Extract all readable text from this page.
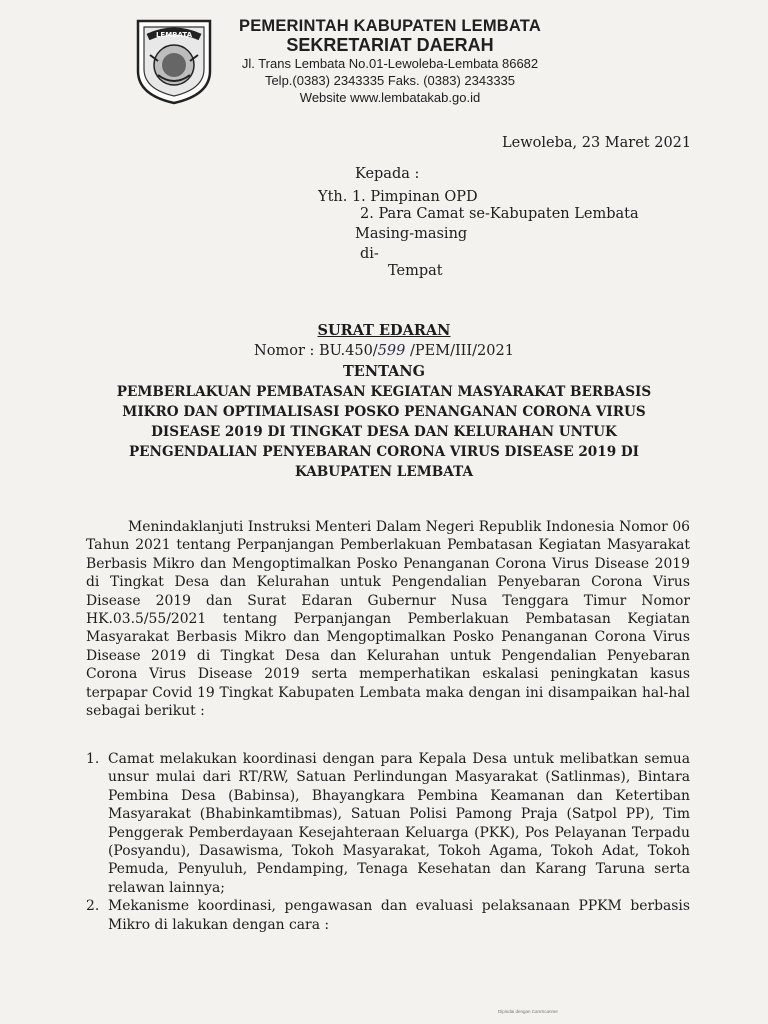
LEMBATA	PEMERINTAH KABUPATEN LEMBATA
SEKRETARIAT DAERAH
Jl. Trans Lembata No.01-Lewoleba-Lembata 86682
Telp.(0383) 2343335 Faks. (0383) 2343335
Website www.lembatakab.go.id
Lewoleba, 23 Maret 2021
Kepada :
Yth. 1. Pimpinan OPD
2. Para Camat se-Kabupaten Lembata
Masing-masing
di-
Tempat
SURAT EDARAN
Nomor : BU.450/599 /PEM/III/2021
TENTANG
PEMBERLAKUAN PEMBATASAN KEGIATAN MASYARAKAT BERBASIS
MIKRO DAN OPTIMALISASI POSKO PENANGANAN CORONA VIRUS
DISEASE 2019 DI TINGKAT DESA DAN KELURAHAN UNTUK
PENGENDALIAN PENYEBARAN CORONA VIRUS DISEASE 2019 DI
KABUPATEN LEMBATA

Menindaklanjuti Instruksi Menteri Dalam Negeri Republik Indonesia Nomor 06 Tahun 2021 tentang Perpanjangan Pemberlakuan Pembatasan Kegiatan Masyarakat Berbasis Mikro dan Mengoptimalkan Posko Penanganan Corona Virus Disease 2019 di Tingkat Desa dan Kelurahan untuk Pengendalian Penyebaran Corona Virus Disease 2019 dan Surat Edaran Gubernur Nusa Tenggara Timur Nomor HK.03.5/55/2021 tentang Perpanjangan Pemberlakuan Pembatasan Kegiatan Masyarakat Berbasis Mikro dan Mengoptimalkan Posko Penanganan Corona Virus Disease 2019 di Tingkat Desa dan Kelurahan untuk Pengendalian Penyebaran Corona Virus Disease 2019 serta memperhatikan eskalasi peningkatan kasus terpapar Covid 19 Tingkat Kabupaten Lembata maka dengan ini disampaikan hal-hal sebagai berikut :

1. Camat melakukan koordinasi dengan para Kepala Desa untuk melibatkan semua unsur mulai dari RT/RW, Satuan Perlindungan Masyarakat (Satlinmas), Bintara Pembina Desa (Babinsa), Bhayangkara Pembina Keamanan dan Ketertiban Masyarakat (Bhabinkamtibmas), Satuan Polisi Pamong Praja (Satpol PP), Tim Penggerak Pemberdayaan Kesejahteraan Keluarga (PKK), Pos Pelayanan Terpadu (Posyandu), Dasawisma, Tokoh Masyarakat, Tokoh Agama, Tokoh Adat, Tokoh Pemuda, Penyuluh, Pendamping, Tenaga Kesehatan dan Karang Taruna serta relawan lainnya;
2. Mekanisme koordinasi, pengawasan dan evaluasi pelaksanaan PPKM berbasis Mikro di lakukan dengan cara :
Dipindai dengan CamScanner
